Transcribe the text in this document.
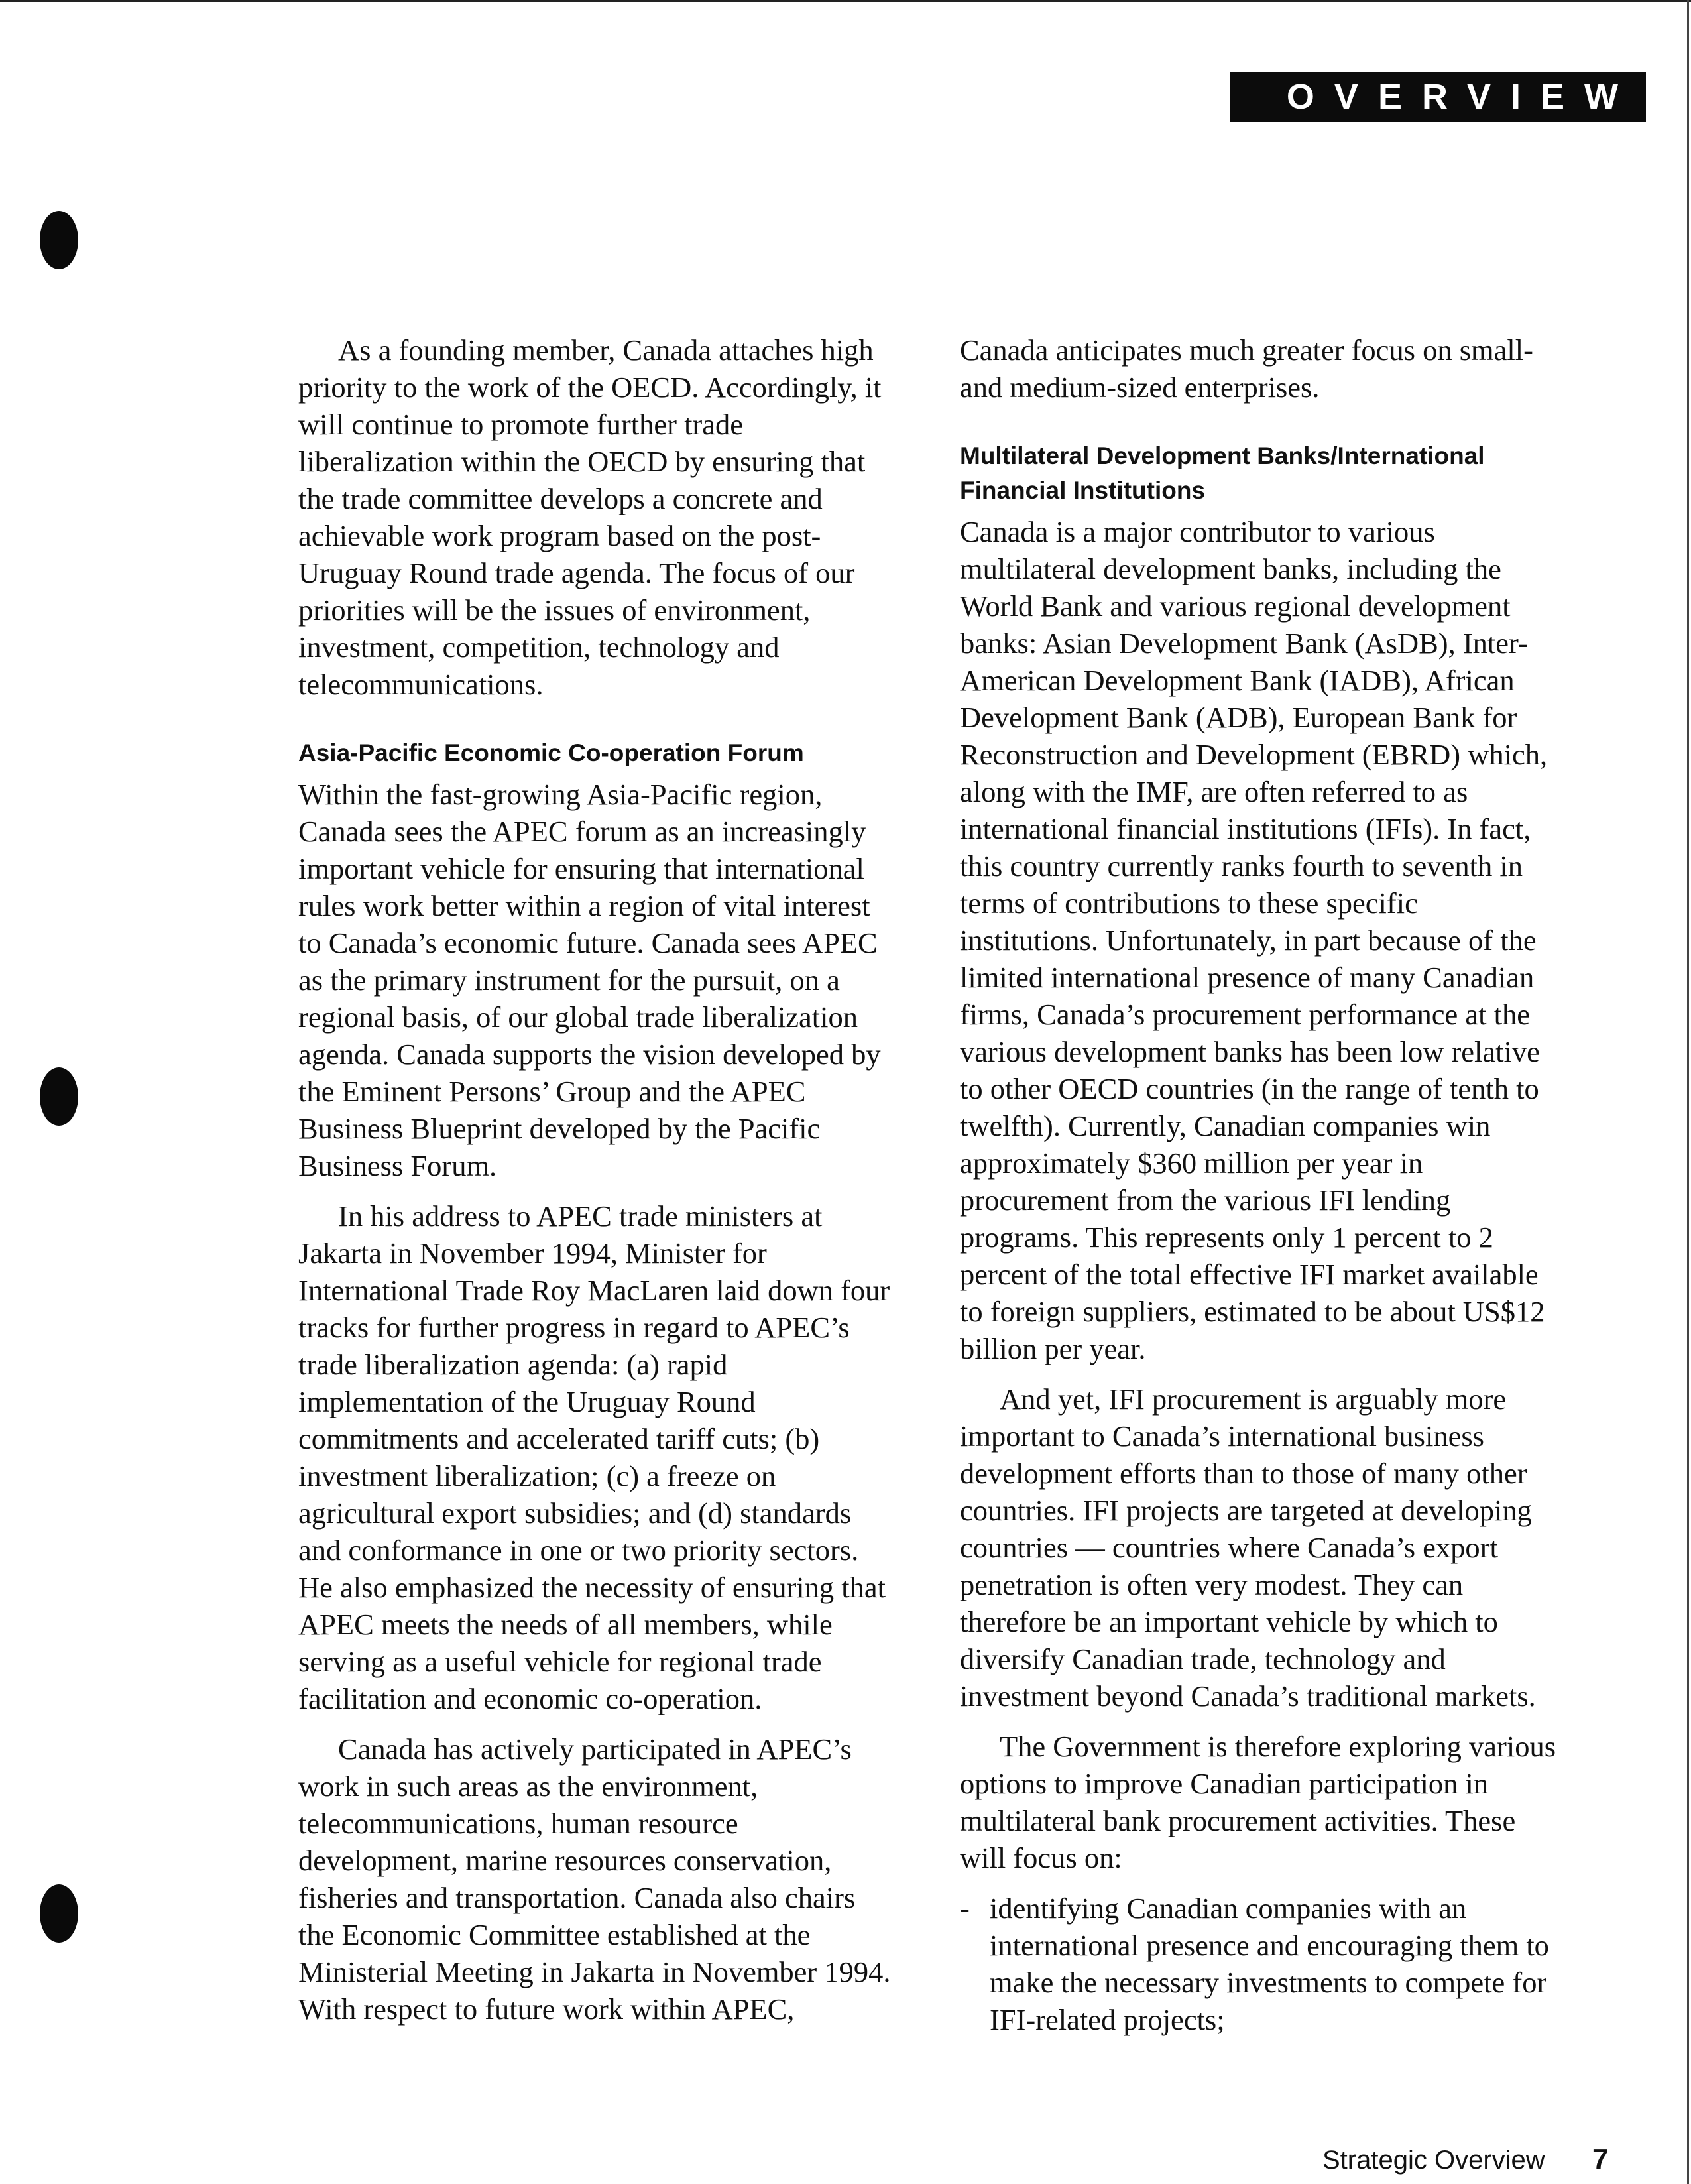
OVERVIEW

As a founding member, Canada attaches high priority to the work of the OECD. Accordingly, it will continue to promote further trade liberalization within the OECD by ensuring that the trade committee develops a concrete and achievable work program based on the post-Uruguay Round trade agenda. The focus of our priorities will be the issues of environment, investment, competition, technology and telecommunications.

Asia-Pacific Economic Co-operation Forum

Within the fast-growing Asia-Pacific region, Canada sees the APEC forum as an increasingly important vehicle for ensuring that international rules work better within a region of vital interest to Canada’s economic future. Canada sees APEC as the primary instrument for the pursuit, on a regional basis, of our global trade liberalization agenda. Canada supports the vision developed by the Eminent Persons’ Group and the APEC Business Blueprint developed by the Pacific Business Forum.

In his address to APEC trade ministers at Jakarta in November 1994, Minister for International Trade Roy MacLaren laid down four tracks for further progress in regard to APEC’s trade liberalization agenda: (a) rapid implementation of the Uruguay Round commitments and accelerated tariff cuts; (b) investment liberalization; (c) a freeze on agricultural export subsidies; and (d) standards and conformance in one or two priority sectors. He also emphasized the necessity of ensuring that APEC meets the needs of all members, while serving as a useful vehicle for regional trade facilitation and economic co-operation.

Canada has actively participated in APEC’s work in such areas as the environment, telecommunications, human resource development, marine resources conservation, fisheries and transportation. Canada also chairs the Economic Committee established at the Ministerial Meeting in Jakarta in November 1994. With respect to future work within APEC,

Canada anticipates much greater focus on small- and medium-sized enterprises.

Multilateral Development Banks/International Financial Institutions

Canada is a major contributor to various multilateral development banks, including the World Bank and various regional development banks: Asian Development Bank (AsDB), Inter-American Development Bank (IADB), African Development Bank (ADB), European Bank for Reconstruction and Development (EBRD) which, along with the IMF, are often referred to as international financial institutions (IFIs). In fact, this country currently ranks fourth to seventh in terms of contributions to these specific institutions. Unfortunately, in part because of the limited international presence of many Canadian firms, Canada’s procurement performance at the various development banks has been low relative to other OECD countries (in the range of tenth to twelfth). Currently, Canadian companies win approximately $360 million per year in procurement from the various IFI lending programs. This represents only 1 percent to 2 percent of the total effective IFI market available to foreign suppliers, estimated to be about US$12 billion per year.

And yet, IFI procurement is arguably more important to Canada’s international business development efforts than to those of many other countries. IFI projects are targeted at developing countries — countries where Canada’s export penetration is often very modest. They can therefore be an important vehicle by which to diversify Canadian trade, technology and investment beyond Canada’s traditional markets.

The Government is therefore exploring various options to improve Canadian participation in multilateral bank procurement activities. These will focus on:

- identifying Canadian companies with an international presence and encouraging them to make the necessary investments to compete for IFI-related projects;
Strategic Overview 7
